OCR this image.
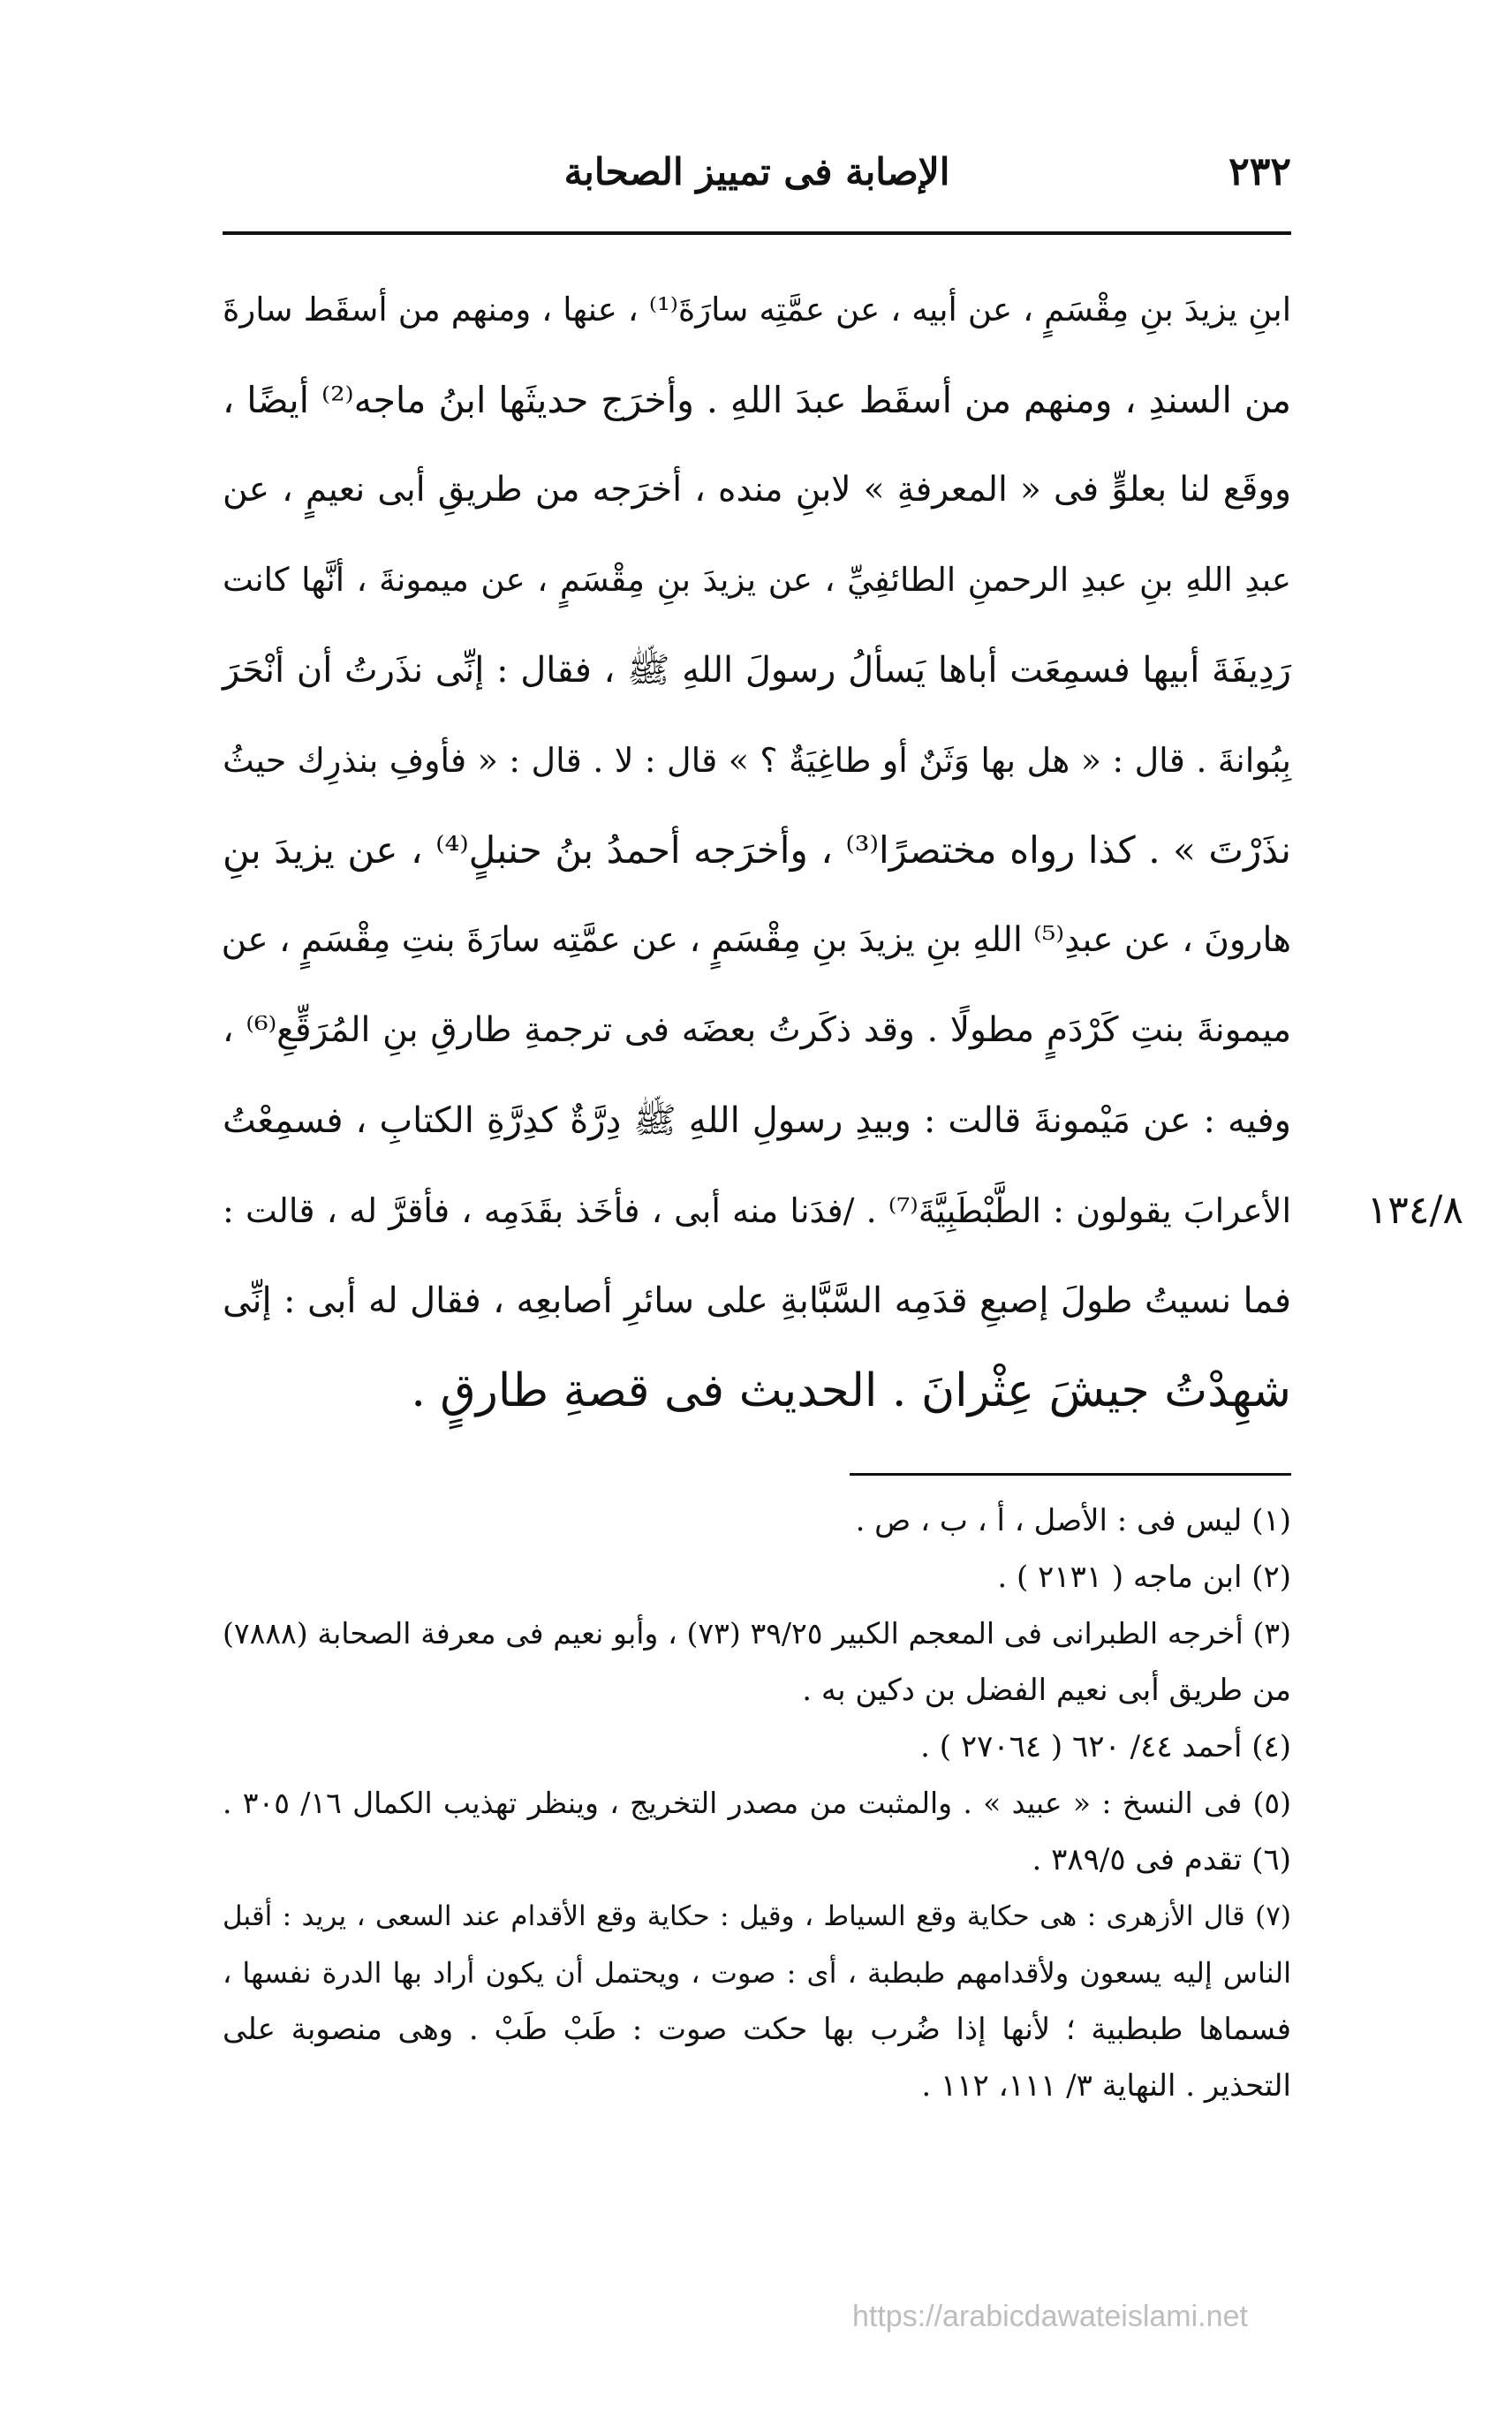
٢٣٢
الإصابة فى تمييز الصحابة
ابنِ يزيدَ بنِ مِقْسَمٍ ، عن أبيه ، عن عمَّتِه سارَةَ⁽¹⁾ ، عنها ، ومنهم من أسقَط سارةَ
من السندِ ، ومنهم من أسقَط عبدَ اللهِ . وأخرَج حديثَها ابنُ ماجه⁽²⁾ أيضًا ،
ووقَع لنا بعلوٍّ فى « المعرفةِ » لابنِ منده ، أخرَجه من طريقِ أبى نعيمٍ ، عن
عبدِ اللهِ بنِ عبدِ الرحمنِ الطائفِيِّ ، عن يزيدَ بنِ مِقْسَمٍ ، عن ميمونةَ ، أنَّها كانت
رَدِيفَةَ أبيها فسمِعَت أباها يَسألُ رسولَ اللهِ ﷺ ، فقال : إنِّى نذَرتُ أن أنْحَرَ
بِبُوانةَ . قال : « هل بها وَثَنٌ أو طاغِيَةٌ ؟ » قال : لا . قال : « فأوفِ بنذرِك حيثُ
نذَرْتَ » . كذا رواه مختصرًا⁽³⁾ ، وأخرَجه أحمدُ بنُ حنبلٍ⁽⁴⁾ ، عن يزيدَ بنِ
هارونَ ، عن عبدِ⁽⁵⁾ اللهِ بنِ يزيدَ بنِ مِقْسَمٍ ، عن عمَّتِه سارَةَ بنتِ مِقْسَمٍ ، عن
ميمونةَ بنتِ كَرْدَمٍ مطولًا . وقد ذكَرتُ بعضَه فى ترجمةِ طارقِ بنِ المُرَقِّعِ⁽⁶⁾ ،
وفيه : عن مَيْمونةَ قالت : وبيدِ رسولِ اللهِ ﷺ دِرَّةٌ كدِرَّةِ الكتابِ ، فسمِعْتُ
١٣٤/٨
الأعرابَ يقولون : الطَّبْطَبِيَّةَ⁽⁷⁾ . /فدَنا منه أبى ، فأخَذ بقَدَمِه ، فأقرَّ له ، قالت :
فما نسيتُ طولَ إصبعِ قدَمِه السَّبَّابةِ على سائرِ أصابعِه ، فقال له أبى : إنِّى
شهِدْتُ جيشَ عِثْرانَ . الحديث فى قصةِ طارقٍ .
(١) ليس فى : الأصل ، أ ، ب ، ص .
(٢) ابن ماجه ( ٢١٣١ ) .
(٣) أخرجه الطبرانى فى المعجم الكبير ٣٩/٢٥ (٧٣) ، وأبو نعيم فى معرفة الصحابة (٧٨٨٨)
من طريق أبى نعيم الفضل بن دكين به .
(٤) أحمد ٤٤/ ٦٢٠ ( ٢٧٠٦٤ ) .
(٥) فى النسخ : « عبيد » . والمثبت من مصدر التخريج ، وينظر تهذيب الكمال ١٦/ ٣٠٥ .
(٦) تقدم فى ٣٨٩/٥ .
(٧) قال الأزهرى : هى حكاية وقع السياط ، وقيل : حكاية وقع الأقدام عند السعى ، يريد : أقبل
الناس إليه يسعون ولأقدامهم طبطبة ، أى : صوت ، ويحتمل أن يكون أراد بها الدرة نفسها ،
فسماها طبطبية ؛ لأنها إذا ضُرب بها حكت صوت : طَبْ طَبْ . وهى منصوبة على
التحذير . النهاية ٣/ ١١١، ١١٢ .
https://arabicdawateislami.net
